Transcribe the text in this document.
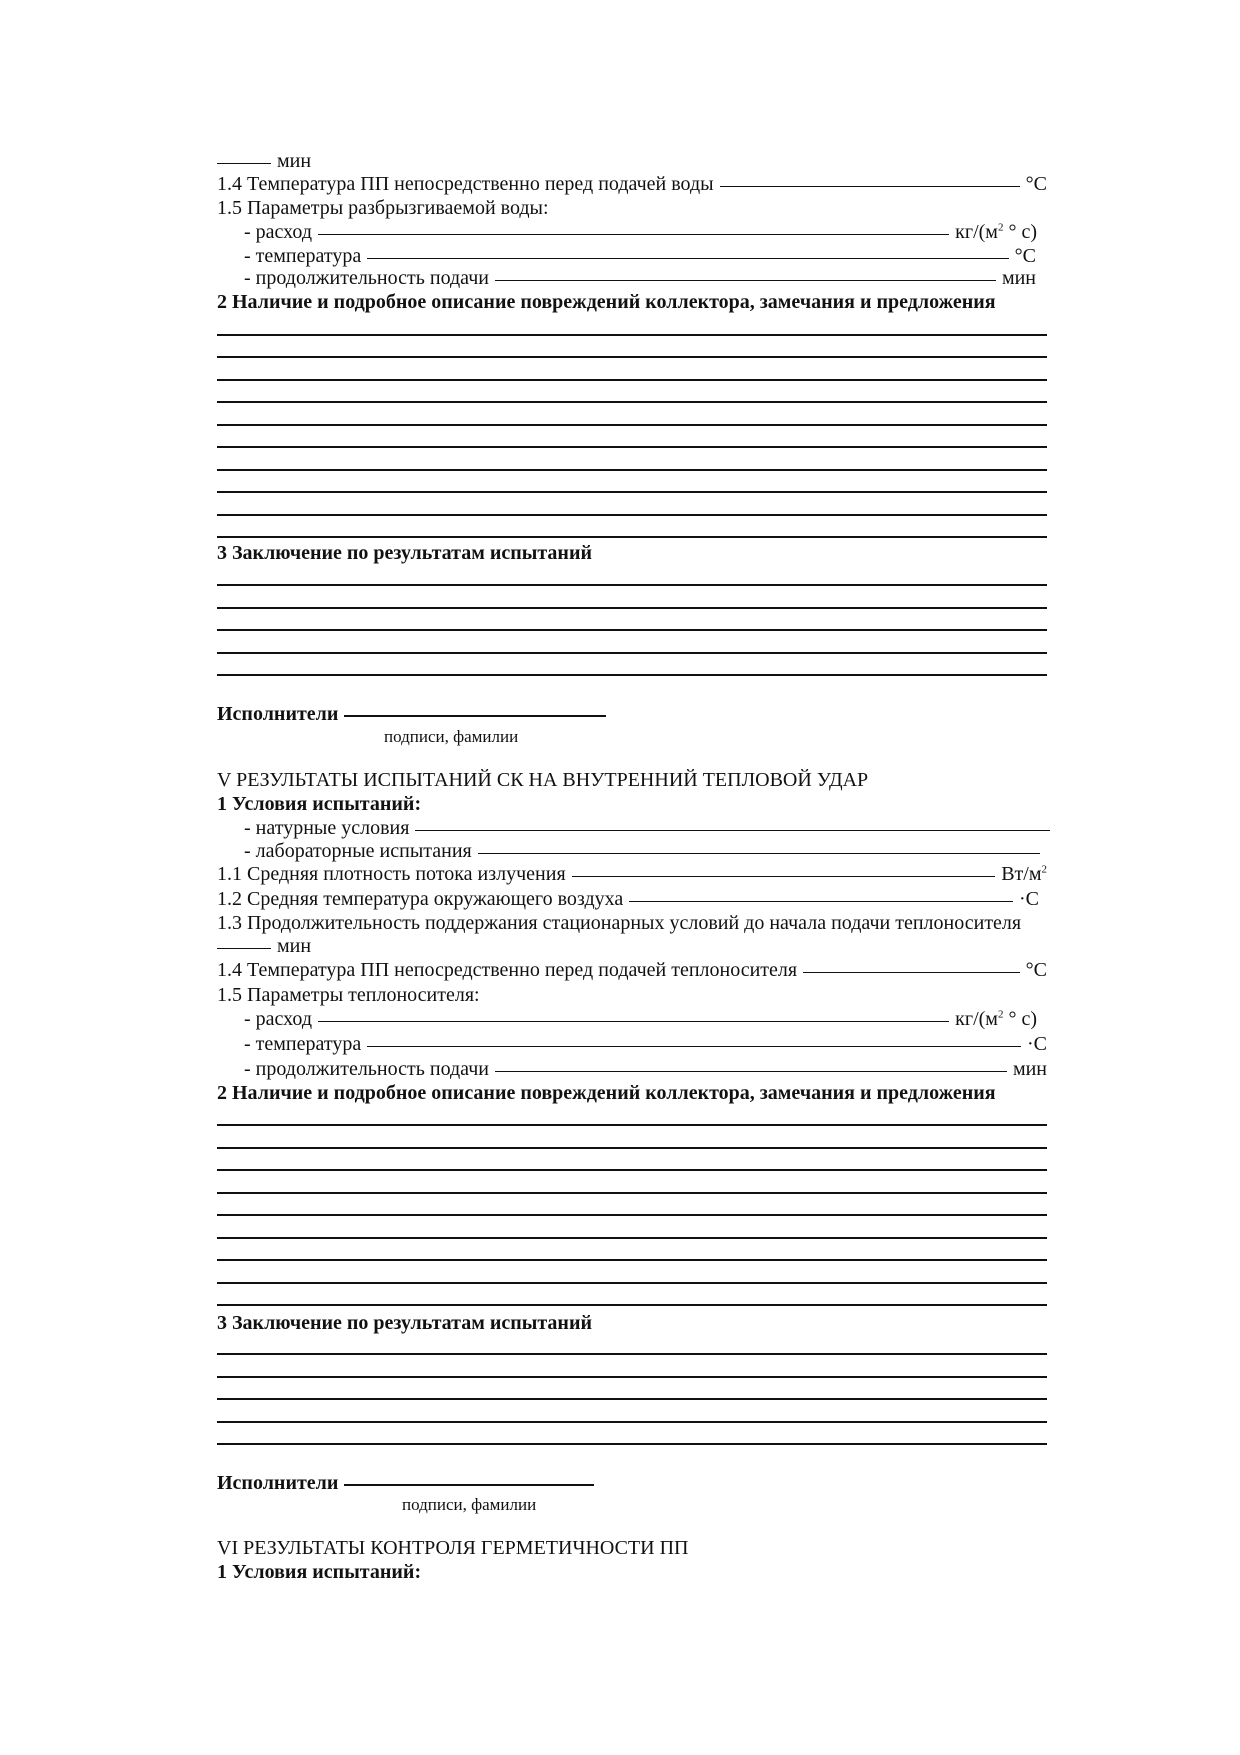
мин
1.4 Температура ПП непосредственно перед подачей воды	°C
1.5 Параметры разбрызгиваемой воды:
- расход	$кг/(м^2$ ° с)
- температура	°C
- продолжительность подачи	мин
2 Наличие и подробное описание повреждений коллектора, замечания и предложения
3 Заключение по результатам испытаний
Исполнители
подписи, фамилии
V РЕЗУЛЬТАТЫ ИСПЫТАНИЙ СК НА ВНУТРЕННИЙ ТЕПЛОВОЙ УДАР
1 Условия испытаний:
- натурные условия
- лабораторные испытания
1.1 Средняя плотность потока излучения	$Вт/м^2$
1.2 Средняя температура окружающего воздуха	·С
1.3 Продолжительность поддержания стационарных условий до начала подачи теплоносителя
мин
1.4 Температура ПП непосредственно перед подачей теплоносителя	°C
1.5 Параметры теплоносителя:
- расход	$кг/(м^2$ ° с)
- температура	·С
- продолжительность подачи	мин
2 Наличие и подробное описание повреждений коллектора, замечания и предложения
3 Заключение по результатам испытаний
Исполнители
подписи, фамилии
VI РЕЗУЛЬТАТЫ КОНТРОЛЯ ГЕРМЕТИЧНОСТИ ПП
1 Условия испытаний:
